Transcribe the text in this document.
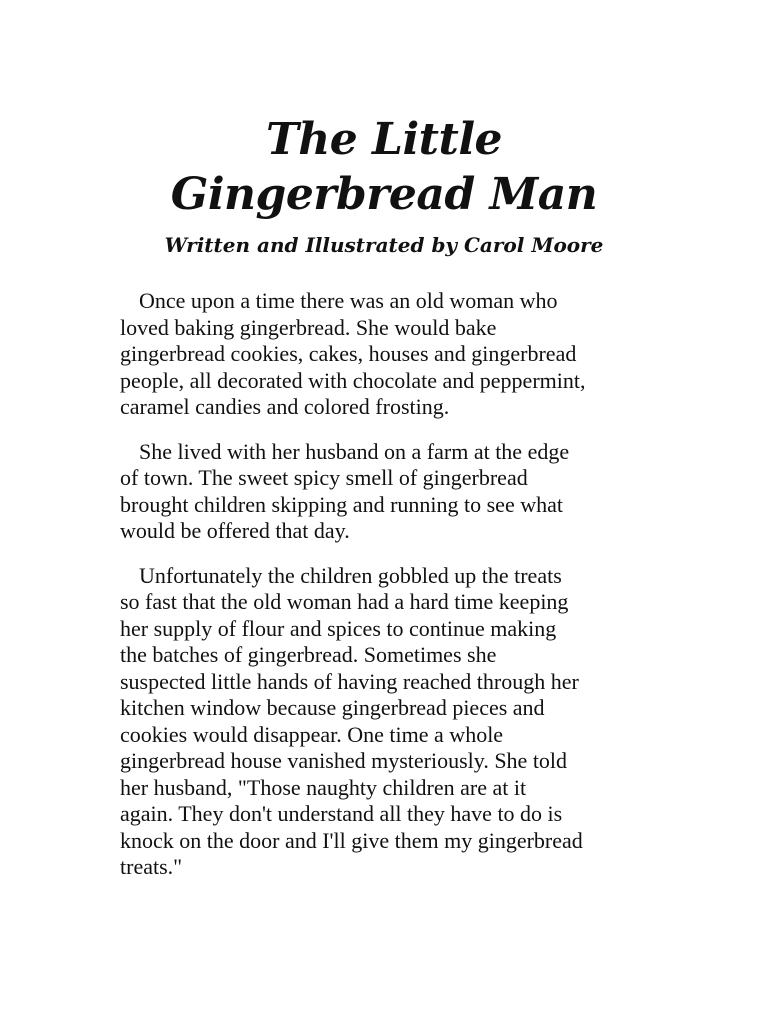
The Little
Gingerbread Man

Written and Illustrated by Carol Moore

Once upon a time there was an old woman who
loved baking gingerbread. She would bake
gingerbread cookies, cakes, houses and gingerbread
people, all decorated with chocolate and peppermint,
caramel candies and colored frosting.

She lived with her husband on a farm at the edge
of town. The sweet spicy smell of gingerbread
brought children skipping and running to see what
would be offered that day.

Unfortunately the children gobbled up the treats
so fast that the old woman had a hard time keeping
her supply of flour and spices to continue making
the batches of gingerbread. Sometimes she
suspected little hands of having reached through her
kitchen window because gingerbread pieces and
cookies would disappear. One time a whole
gingerbread house vanished mysteriously. She told
her husband, "Those naughty children are at it
again. They don't understand all they have to do is
knock on the door and I'll give them my gingerbread
treats."
